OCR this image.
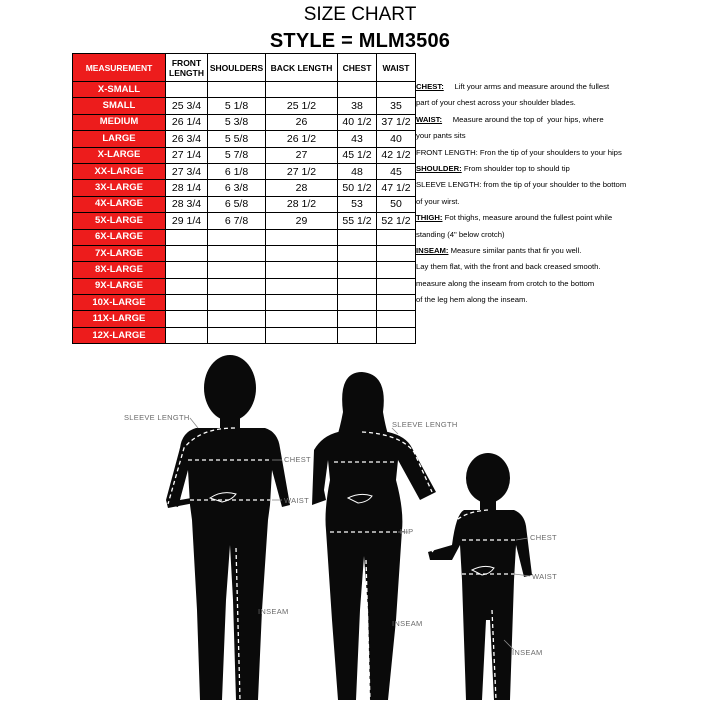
SIZE CHART
STYLE = MLM3506
MEASUREMENT	FRONT LENGTH	SHOULDERS	BACK LENGTH	CHEST	WAIST
X-SMALL					
SMALL	25 3/4	5 1/8	25 1/2	38	35
MEDIUM	26 1/4	5 3/8	26	40 1/2	37 1/2
LARGE	26 3/4	5 5/8	26 1/2	43	40
X-LARGE	27 1/4	5 7/8	27	45 1/2	42 1/2
XX-LARGE	27 3/4	6 1/8	27 1/2	48	45
3X-LARGE	28 1/4	6 3/8	28	50 1/2	47 1/2
4X-LARGE	28 3/4	6 5/8	28 1/2	53	50
5X-LARGE	29 1/4	6 7/8	29	55 1/2	52 1/2
6X-LARGE					
7X-LARGE					
8X-LARGE					
9X-LARGE					
10X-LARGE					
11X-LARGE					
12X-LARGE					

CHEST:     Lift your arms and measure around the fullest

part of your chest across your shoulder blades.

WAIST:     Measure around the top of  your hips, where

your pants sits

FRONT LENGTH: Fron the tip of your shoulders to your hips

SHOULDER: From shoulder top to should tip

SLEEVE LENGTH: from the tip of your shoulder to the bottom

of your wirst.

THIGH: Fot thighs, measure around the fullest point while

standing (4" below crotch)

INSEAM: Measure similar pants that fir you well.

Lay them flat, with the front and back creased smooth.

measure along the inseam from crotch to the bottom

of the leg hem along the inseam.

SLEEVE LENGTH
CHEST
WAIST
INSEAM
SLEEVE LENGTH
HIP
INSEAM
CHEST
WAIST
INSEAM
